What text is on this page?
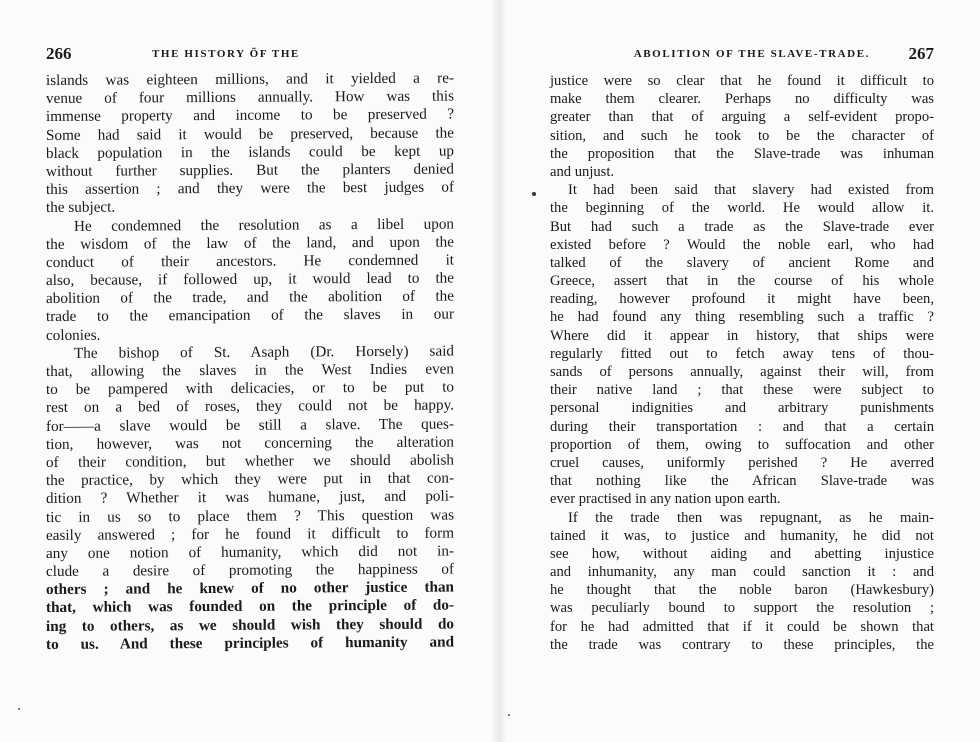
266	THE HISTORY ÕF THE
islands was eighteen millions, and it yielded a re-
venue of four millions annually. How was this
immense property and income to be preserved ?
Some had said it would be preserved, because the
black population in the islands could be kept up
without further supplies. But the planters denied
this assertion ; and they were the best judges of
the subject.
He condemned the resolution as a libel upon
the wisdom of the law of the land, and upon the
conduct of their ancestors. He condemned it
also, because, if followed up, it would lead to the
abolition of the trade, and the abolition of the
trade to the emancipation of the slaves in our
colonies.
The bishop of St. Asaph (Dr. Horsely) said
that, allowing the slaves in the West Indies even
to be pampered with delicacies, or to be put to
rest on a bed of roses, they could not be happy.
for——a slave would be still a slave. The ques-
tion, however, was not concerning the alteration
of their condition, but whether we should abolish
the practice, by which they were put in that con-
dition ? Whether it was humane, just, and poli-
tic in us so to place them ? This question was
easily answered ; for he found it difficult to form
any one notion of humanity, which did not in-
clude a desire of promoting the happiness of
others ; and he knew of no other justice than
that, which was founded on the principle of do-
ing to others, as we should wish they should do
to us. And these principles of humanity and
ABOLITION OF THE SLAVE-TRADE. 267
justice were so clear that he found it difficult to
make them clearer. Perhaps no difficulty was
greater than that of arguing a self-evident propo-
sition, and such he took to be the character of
the proposition that the Slave-trade was inhuman
and unjust.
It had been said that slavery had existed from
the beginning of the world. He would allow it.
But had such a trade as the Slave-trade ever
existed before ? Would the noble earl, who had
talked of the slavery of ancient Rome and
Greece, assert that in the course of his whole
reading, however profound it might have been,
he had found any thing resembling such a traffic ?
Where did it appear in history, that ships were
regularly fitted out to fetch away tens of thou-
sands of persons annually, against their will, from
their native land ; that these were subject to
personal indignities and arbitrary punishments
during their transportation : and that a certain
proportion of them, owing to suffocation and other
cruel causes, uniformly perished ? He averred
that nothing like the African Slave-trade was
ever practised in any nation upon earth.
If the trade then was repugnant, as he main-
tained it was, to justice and humanity, he did not
see how, without aiding and abetting injustice
and inhumanity, any man could sanction it : and
he thought that the noble baron (Hawkesbury)
was peculiarly bound to support the resolution ;
for he had admitted that if it could be shown that
the trade was contrary to these principles, the
